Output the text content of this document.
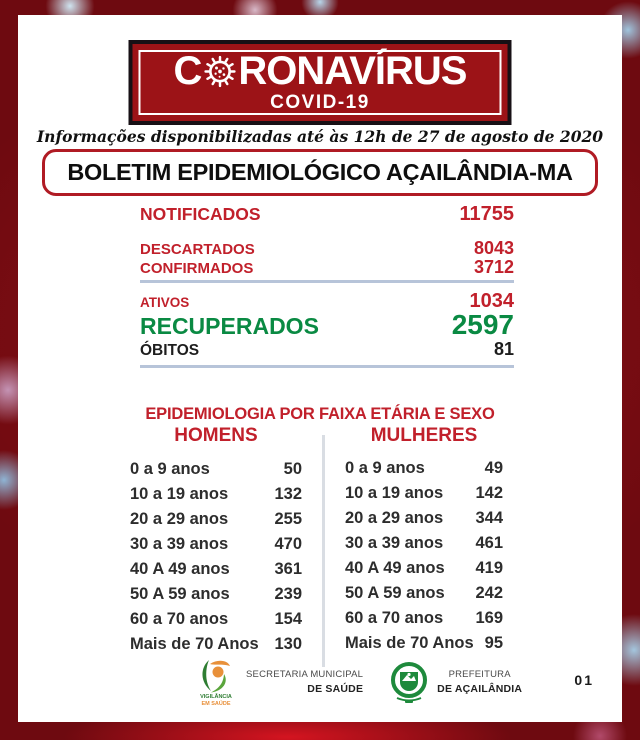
C RONAVÍRUS
COVID-19
Informações disponibilizadas até às 12h de 27 de agosto de 2020
BOLETIM EPIDEMIOLÓGICO AÇAILÂNDIA-MA
NOTIFICADOS	11755
DESCARTADOS	8043
CONFIRMADOS	3712
ATIVOS	1034
RECUPERADOS	2597
ÓBITOS	81
EPIDEMIOLOGIA POR FAIXA ETÁRIA E SEXO
HOMENS	MULHERES
0 a 9 anos	50
10 a 19 anos	132
20 a 29 anos	255
30 a 39 anos	470
40 A 49 anos	361
50 A 59 anos	239
60 a 70 anos	154
Mais de 70 Anos 130
0 a 9 anos	49
10 a 19 anos 142
20 a 29 anos 344
30 a 39 anos 461
40 A 49 anos 419
50 A 59 anos 242
60 a 70 anos 169
Mais de 70 Anos 95
VIGILÂNCIA
EM SAÚDE
SECRETARIA MUNICIPAL
DE SAÚDE
PREFEITURA
DE AÇAILÂNDIA
01
